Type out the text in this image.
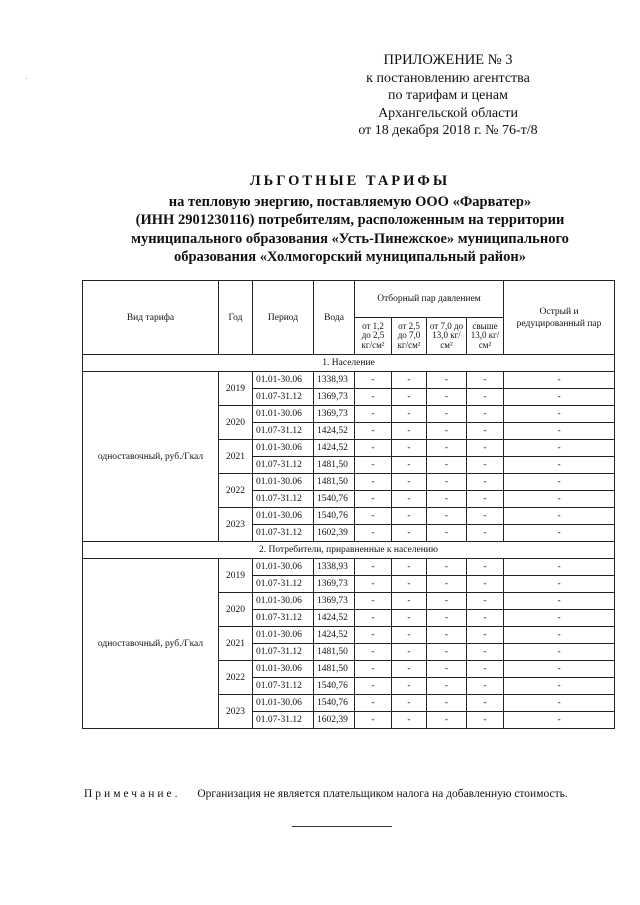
ПРИЛОЖЕНИЕ № 3
к постановлению агентства
по тарифам и ценам
Архангельской области
от 18 декабря 2018 г. № 76-т/8
ЛЬГОТНЫЕ ТАРИФЫ
на тепловую энергию, поставляемую ООО «Фарватер»
(ИНН 2901230116) потребителям, расположенным на территории
муниципального образования «Усть-Пинежское» муниципального
образования «Холмогорский муниципальный район»
Вид тарифа	Год	Период	Вода	Отборный пар давлением				Острый и редуцированный пар
				от 1,2 до 2,5 кг/см²	от 2,5 до 7,0 кг/см²	от 7,0 до 13,0 кг/см²	свыше 13,0 кг/см²	
1. Население								
одноставочный, руб./Гкал	2019	01.01-30.06	1338,93	-	-	-	-	-
		01.07-31.12	1369,73	-	-	-	-	-
	2020	01.01-30.06	1369,73	-	-	-	-	-
		01.07-31.12	1424,52	-	-	-	-	-
	2021	01.01-30.06	1424,52	-	-	-	-	-
		01.07-31.12	1481,50	-	-	-	-	-
	2022	01.01-30.06	1481,50	-	-	-	-	-
		01.07-31.12	1540,76	-	-	-	-	-
	2023	01.01-30.06	1540,76	-	-	-	-	-
		01.07-31.12	1602,39	-	-	-	-	-
2. Потребители, приравненные к населению								
одноставочный, руб./Гкал	2019	01.01-30.06	1338,93	-	-	-	-	-
		01.07-31.12	1369,73	-	-	-	-	-
	2020	01.01-30.06	1369,73	-	-	-	-	-
		01.07-31.12	1424,52	-	-	-	-	-
	2021	01.01-30.06	1424,52	-	-	-	-	-
		01.07-31.12	1481,50	-	-	-	-	-
	2022	01.01-30.06	1481,50	-	-	-	-	-
		01.07-31.12	1540,76	-	-	-	-	-
	2023	01.01-30.06	1540,76	-	-	-	-	-
		01.07-31.12	1602,39	-	-	-	-	-
Примечание. Организация не является плательщиком налога на добавленную стоимость.
